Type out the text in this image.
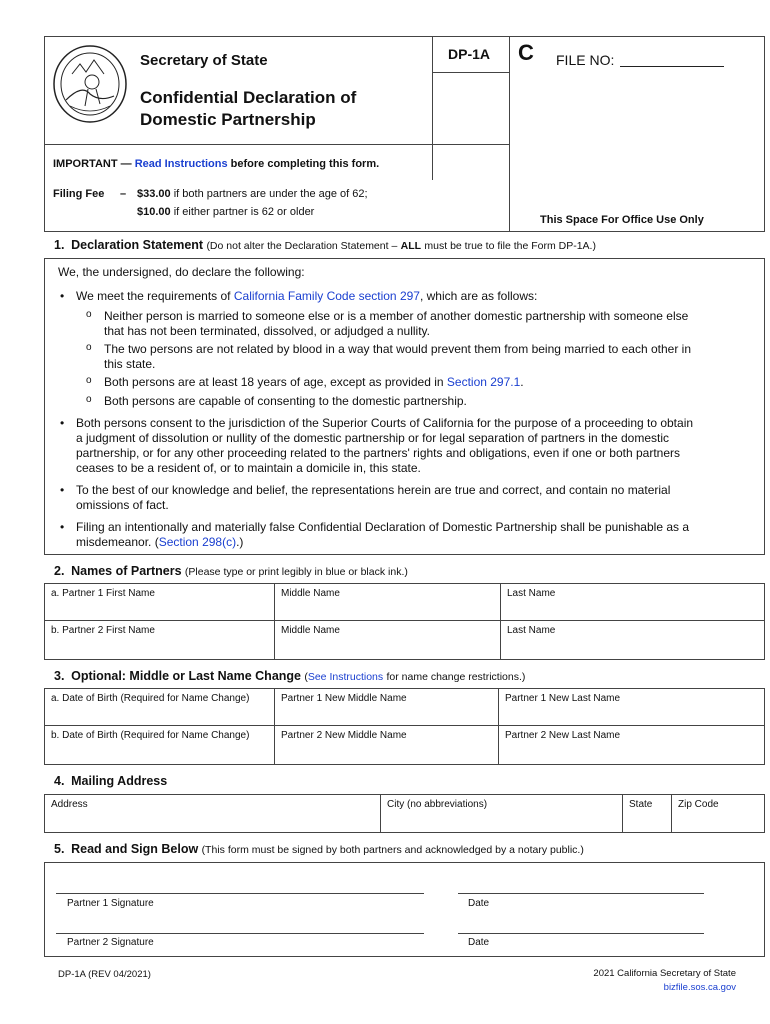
Secretary of State
Confidential Declaration of
Domestic Partnership
DP-1A C FILE NO:
This Space For Office Use Only
IMPORTANT — Read Instructions before completing this form.
Filing Fee – $33.00 if both partners are under the age of 62;
$10.00 if either partner is 62 or older
1. Declaration Statement (Do not alter the Declaration Statement – ALL must be true to file the Form DP-1A.)
We, the undersigned, do declare the following:
• We meet the requirements of California Family Code section 297, which are as follows:
o Neither person is married to someone else or is a member of another domestic partnership with someone else
that has not been terminated, dissolved, or adjudged a nullity.
o The two persons are not related by blood in a way that would prevent them from being married to each other in
this state.
o Both persons are at least 18 years of age, except as provided in Section 297.1.
o Both persons are capable of consenting to the domestic partnership.
• Both persons consent to the jurisdiction of the Superior Courts of California for the purpose of a proceeding to obtain
a judgment of dissolution or nullity of the domestic partnership or for legal separation of partners in the domestic
partnership, or for any other proceeding related to the partners' rights and obligations, even if one or both partners
ceases to be a resident of, or to maintain a domicile in, this state.
• To the best of our knowledge and belief, the representations herein are true and correct, and contain no material
omissions of fact.
• Filing an intentionally and materially false Confidential Declaration of Domestic Partnership shall be punishable as a
misdemeanor. (Section 298(c).)
2. Names of Partners (Please type or print legibly in blue or black ink.)
a. Partner 1 First Name	Middle Name	Last Name
b. Partner 2 First Name	Middle Name	Last Name
3. Optional: Middle or Last Name Change (See Instructions for name change restrictions.)
a. Date of Birth (Required for Name Change)	Partner 1 New Middle Name	Partner 1 New Last Name
b. Date of Birth (Required for Name Change)	Partner 2 New Middle Name	Partner 2 New Last Name
4. Mailing Address
Address	City (no abbreviations)	State	Zip Code
5. Read and Sign Below (This form must be signed by both partners and acknowledged by a notary public.)
Partner 1 Signature	Date
Partner 2 Signature	Date
DP-1A (REV 04/2021)	2021 California Secretary of State
bizfile.sos.ca.gov
